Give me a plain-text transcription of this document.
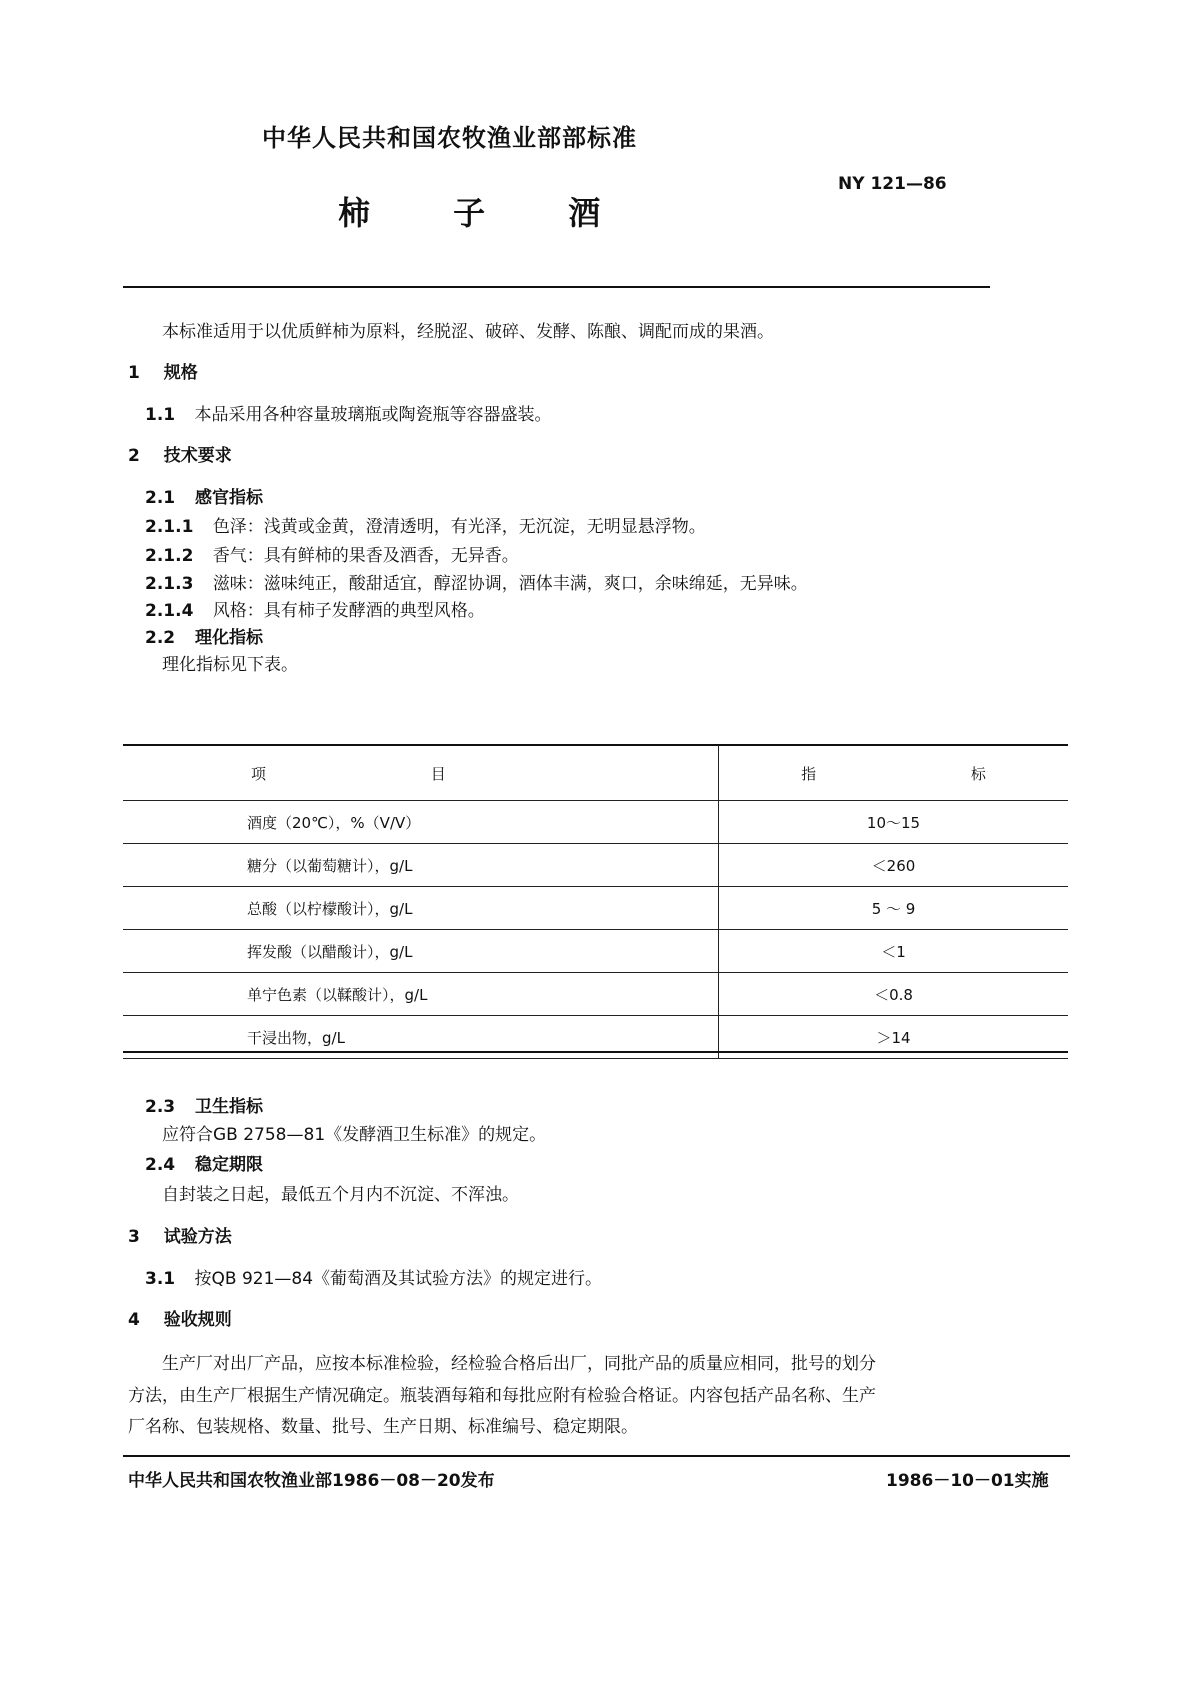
中华人民共和国农牧渔业部部标准
NY 121—86
柿 子 酒
本标准适用于以优质鲜柿为原料，经脱涩、破碎、发酵、陈酿、调配而成的果酒。
1 规格
1.1 本品采用各种容量玻璃瓶或陶瓷瓶等容器盛装。
2 技术要求
2.1 感官指标
2.1.1 色泽：浅黄或金黄，澄清透明，有光泽，无沉淀，无明显悬浮物。
2.1.2 香气：具有鲜柿的果香及酒香，无异香。
2.1.3 滋味：滋味纯正，酸甜适宜，醇涩协调，酒体丰满，爽口，余味绵延，无异味。
2.1.4 风格：具有柿子发酵酒的典型风格。
2.2 理化指标
理化指标见下表。
项 目	指 标
酒度（20℃），%（V/V）	10～15
糖分（以葡萄糖计），g/L	＜260
总酸（以柠檬酸计），g/L	5 ～ 9
挥发酸（以醋酸计），g/L	＜1
单宁色素（以鞣酸计），g/L	＜0.8
干浸出物，g/L	＞14
2.3 卫生指标
应符合GB 2758—81《发酵酒卫生标准》的规定。
2.4 稳定期限
自封装之日起，最低五个月内不沉淀、不浑浊。
3 试验方法
3.1 按QB 921—84《葡萄酒及其试验方法》的规定进行。
4 验收规则
生产厂对出厂产品，应按本标准检验，经检验合格后出厂，同批产品的质量应相同，批号的划分
方法，由生产厂根据生产情况确定。瓶装酒每箱和每批应附有检验合格证。内容包括产品名称、生产
厂名称、包装规格、数量、批号、生产日期、标准编号、稳定期限。
中华人民共和国农牧渔业部1986－08－20发布	1986－10－01实施
